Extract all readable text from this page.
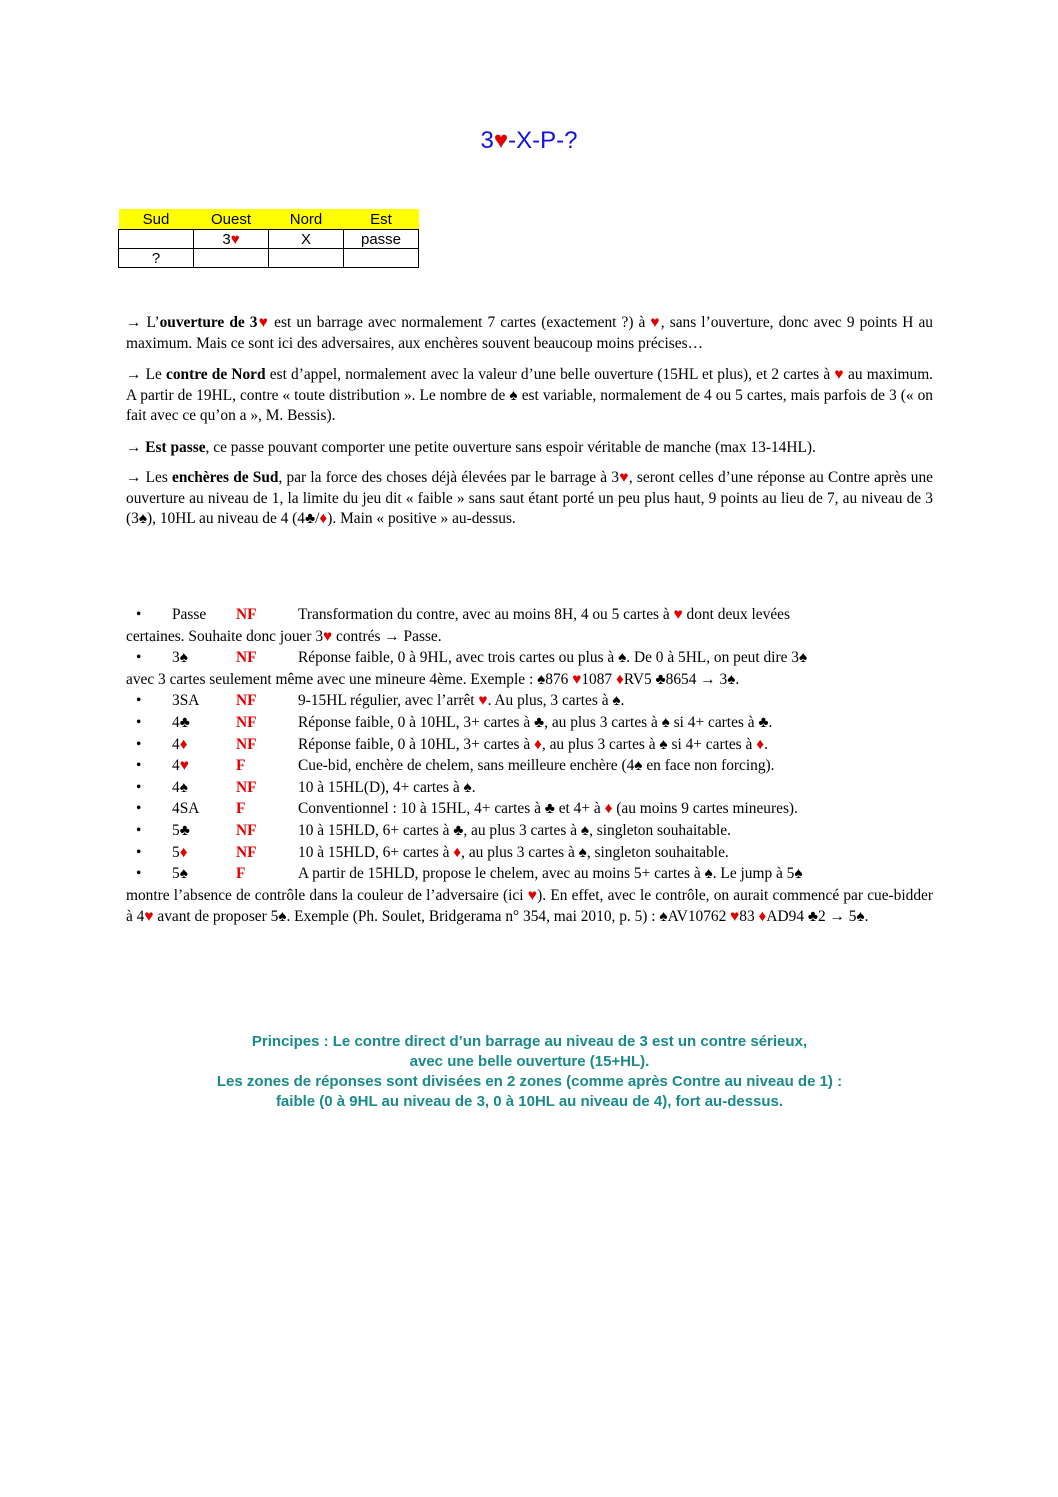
3♥-X-P-?
Sud	Ouest	Nord	Est
	3♥	X	passe
?			

→ L’ouverture de 3♥ est un barrage avec normalement 7 cartes (exactement ?) à ♥, sans l’ouverture, donc avec 9 points H au maximum. Mais ce sont ici des adversaires, aux enchères souvent beaucoup moins précises…

→ Le contre de Nord est d’appel, normalement avec la valeur d’une belle ouverture (15HL et plus), et 2 cartes à ♥ au maximum. A partir de 19HL, contre « toute distribution ». Le nombre de ♠ est variable, normalement de 4 ou 5 cartes, mais parfois de 3 (« on fait avec ce qu’on a », M. Bessis).

→ Est passe, ce passe pouvant comporter une petite ouverture sans espoir véritable de manche (max 13-14HL).

→ Les enchères de Sud, par la force des choses déjà élevées par le barrage à 3♥, seront celles d’une réponse au Contre après une ouverture au niveau de 1, la limite du jeu dit « faible » sans saut étant porté un peu plus haut, 9 points au lieu de 7, au niveau de 3 (3♠), 10HL au niveau de 4 (4♣/♦). Main « positive » au-dessus.

•	Passe	NF	Transformation du contre, avec au moins 8H, 4 ou 5 cartes à ♥ dont deux levées
certaines. Souhaite donc jouer 3♥ contrés → Passe.
•	3♠	NF	Réponse faible, 0 à 9HL, avec trois cartes ou plus à ♠. De 0 à 5HL, on peut dire 3♠
avec 3 cartes seulement même avec une mineure 4ème. Exemple : ♠876 ♥1087 ♦RV5 ♣8654 → 3♠.
•	3SA	NF	9-15HL régulier, avec l’arrêt ♥. Au plus, 3 cartes à ♠.
•	4♣	NF	Réponse faible, 0 à 10HL, 3+ cartes à ♣, au plus 3 cartes à ♠ si 4+ cartes à ♣.
•	4♦	NF	Réponse faible, 0 à 10HL, 3+ cartes à ♦, au plus 3 cartes à ♠ si 4+ cartes à ♦.
•	4♥	F	Cue-bid, enchère de chelem, sans meilleure enchère (4♠ en face non forcing).
•	4♠	NF	10 à 15HL(D), 4+ cartes à ♠.
•	4SA	F	Conventionnel : 10 à 15HL, 4+ cartes à ♣ et 4+ à ♦ (au moins 9 cartes mineures).
•	5♣	NF	10 à 15HLD, 6+ cartes à ♣, au plus 3 cartes à ♠, singleton souhaitable.
•	5♦	NF	10 à 15HLD, 6+ cartes à ♦, au plus 3 cartes à ♠, singleton souhaitable.
•	5♠	F	A partir de 15HLD, propose le chelem, avec au moins 5+ cartes à ♠. Le jump à 5♠
montre l’absence de contrôle dans la couleur de l’adversaire (ici ♥). En effet, avec le contrôle, on aurait commencé par cue-bidder à 4♥ avant de proposer 5♠. Exemple (Ph. Soulet, Bridgerama n° 354, mai 2010, p. 5) : ♠AV10762 ♥83 ♦AD94 ♣2 → 5♠.
Principes : Le contre direct d’un barrage au niveau de 3 est un contre sérieux,
avec une belle ouverture (15+HL).
Les zones de réponses sont divisées en 2 zones (comme après Contre au niveau de 1) :
faible (0 à 9HL au niveau de 3, 0 à 10HL au niveau de 4), fort au-dessus.
